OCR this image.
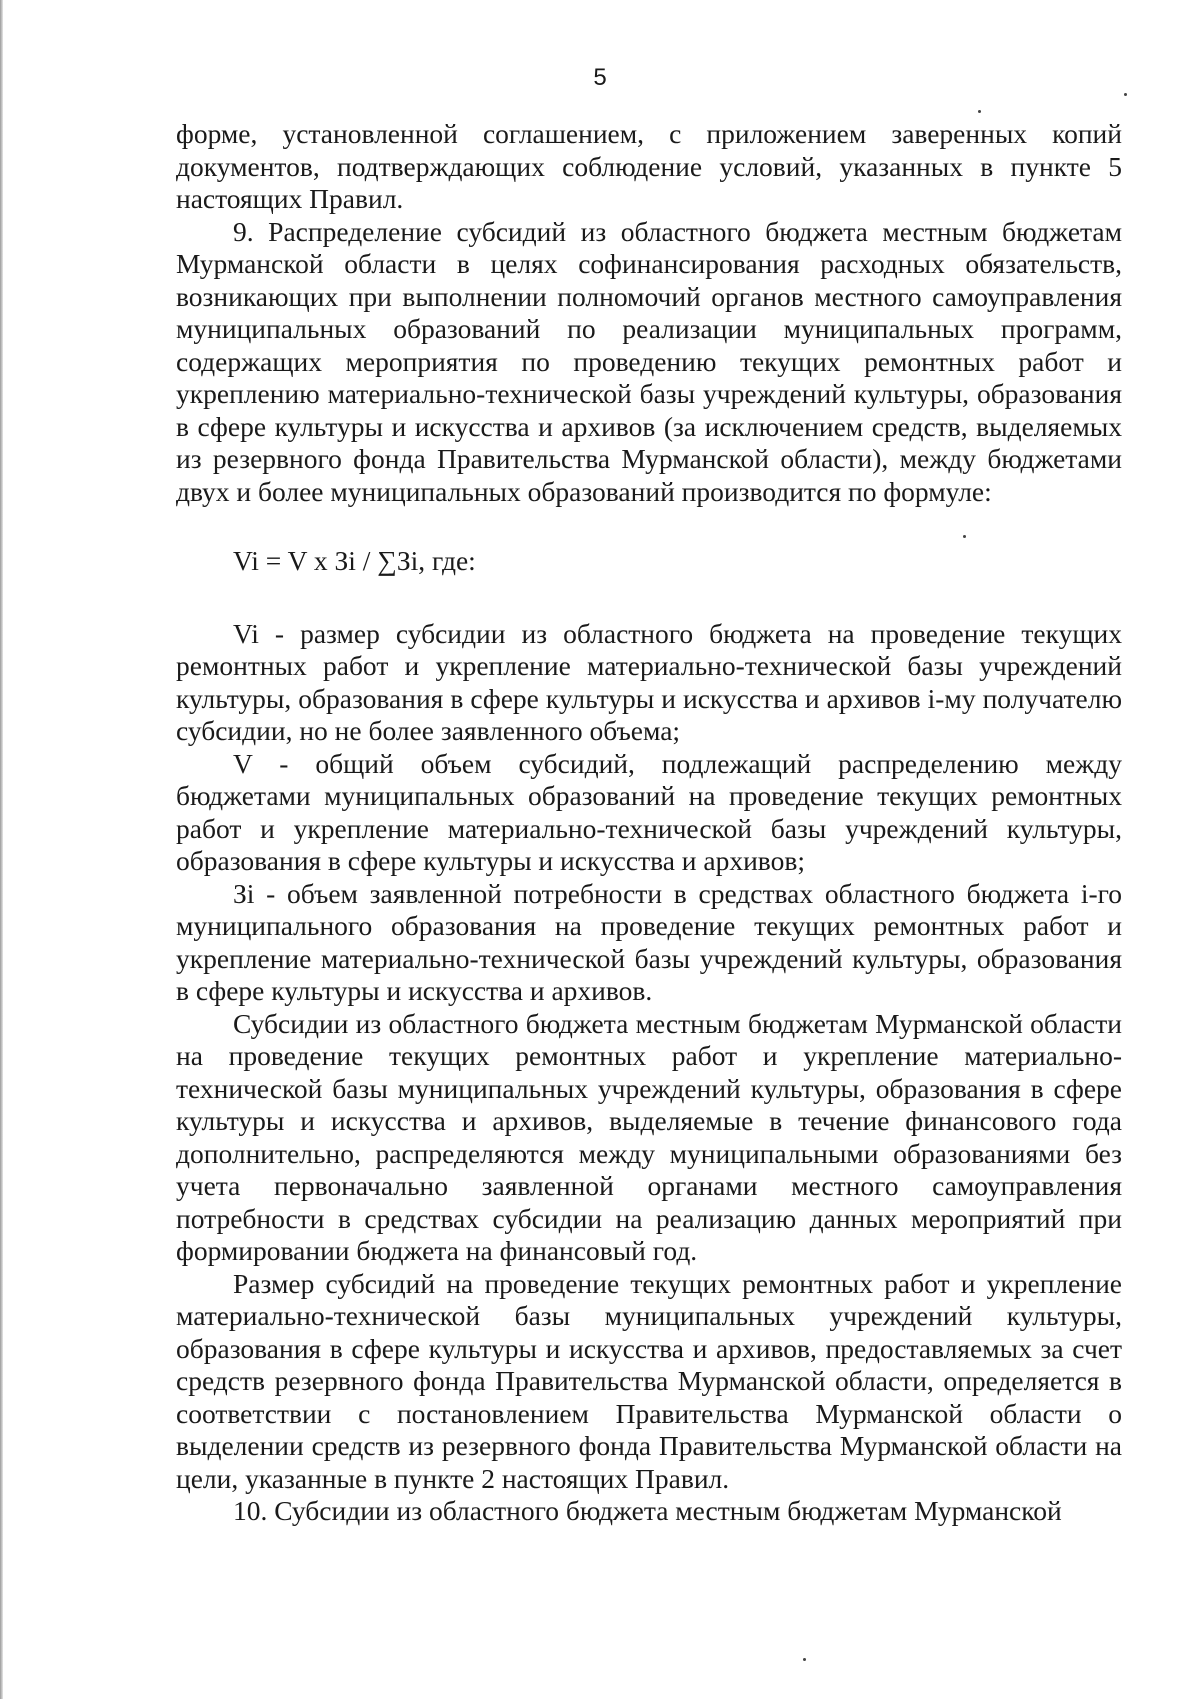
5

форме, установленной соглашением, с приложением заверенных копий документов, подтверждающих соблюдение условий, указанных в пункте 5 настоящих Правил.

9. Распределение субсидий из областного бюджета местным бюджетам Мурманской области в целях софинансирования расходных обязательств, возникающих при выполнении полномочий органов местного самоуправления муниципальных образований по реализации муниципальных программ, содержащих мероприятия по проведению текущих ремонтных работ и укреплению материально-технической базы учреждений культуры, образования в сфере культуры и искусства и архивов (за исключением средств, выделяемых из резервного фонда Правительства Мурманской области), между бюджетами двух и более муниципальных образований производится по формуле:

Vi = V x Зi / ∑Зi, где:

Vi - размер субсидии из областного бюджета на проведение текущих ремонтных работ и укрепление материально-технической базы учреждений культуры, образования в сфере культуры и искусства и архивов i-му получателю субсидии, но не более заявленного объема;

V - общий объем субсидий, подлежащий распределению между бюджетами муниципальных образований на проведение текущих ремонтных работ и укрепление материально-технической базы учреждений культуры, образования в сфере культуры и искусства и архивов;

Зi - объем заявленной потребности в средствах областного бюджета i-го муниципального образования на проведение текущих ремонтных работ и укрепление материально-технической базы учреждений культуры, образования в сфере культуры и искусства и архивов.

Субсидии из областного бюджета местным бюджетам Мурманской области на проведение текущих ремонтных работ и укрепление материально-технической базы муниципальных учреждений культуры, образования в сфере культуры и искусства и архивов, выделяемые в течение финансового года дополнительно, распределяются между муниципальными образованиями без учета первоначально заявленной органами местного самоуправления потребности в средствах субсидии на реализацию данных мероприятий при формировании бюджета на финансовый год.

Размер субсидий на проведение текущих ремонтных работ и укрепление материально-технической базы муниципальных учреждений культуры, образования в сфере культуры и искусства и архивов, предоставляемых за счет средств резервного фонда Правительства Мурманской области, определяется в соответствии с постановлением Правительства Мурманской области о выделении средств из резервного фонда Правительства Мурманской области на цели, указанные в пункте 2 настоящих Правил.

10. Субсидии из областного бюджета местным бюджетам Мурманской
